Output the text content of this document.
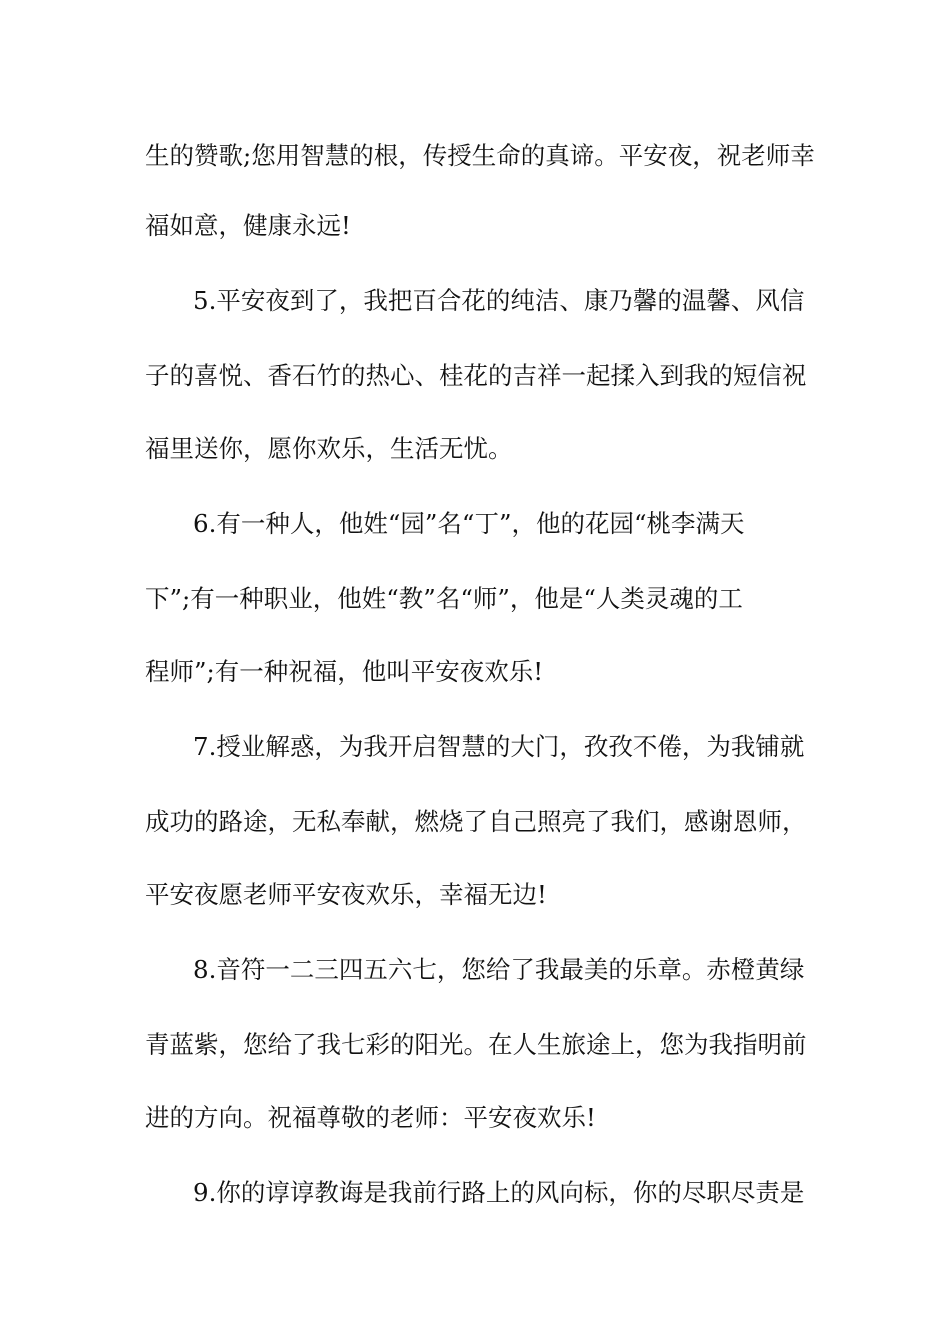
生的赞歌;您用智慧的根，传授生命的真谛。平安夜，祝老师幸
福如意，健康永远!
5.平安夜到了，我把百合花的纯洁、康乃馨的温馨、风信
子的喜悦、香石竹的热心、桂花的吉祥一起揉入到我的短信祝
福里送你，愿你欢乐，生活无忧。
6.有一种人，他姓“园”名“丁”，他的花园“桃李满天
下”;有一种职业，他姓“教”名“师”，他是“人类灵魂的工
程师”;有一种祝福，他叫平安夜欢乐!
7.授业解惑，为我开启智慧的大门，孜孜不倦，为我铺就
成功的路途，无私奉献，燃烧了自己照亮了我们，感谢恩师，
平安夜愿老师平安夜欢乐，幸福无边!
8.音符一二三四五六七，您给了我最美的乐章。赤橙黄绿
青蓝紫，您给了我七彩的阳光。在人生旅途上，您为我指明前
进的方向。祝福尊敬的老师：平安夜欢乐!
9.你的谆谆教诲是我前行路上的风向标，你的尽职尽责是
